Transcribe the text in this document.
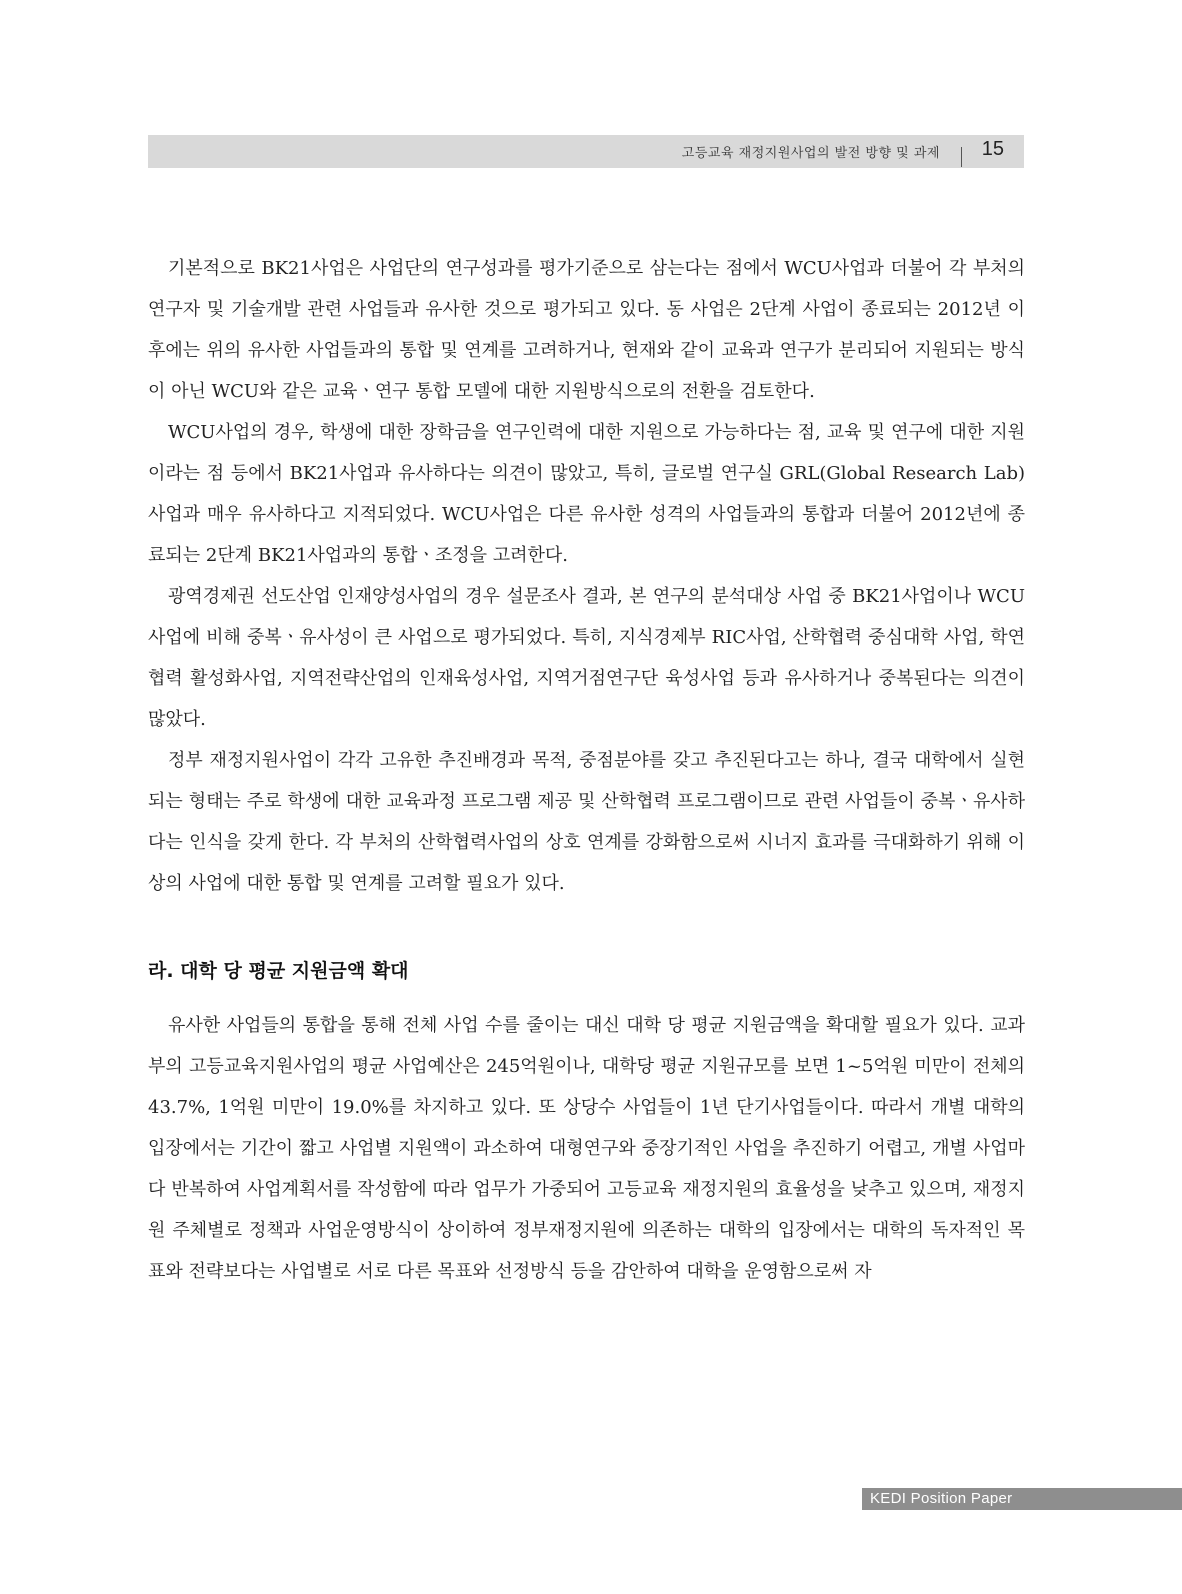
고등교육 재정지원사업의 발전 방향 및 과제 15

기본적으로 BK21사업은 사업단의 연구성과를 평가기준으로 삼는다는 점에서 WCU사업과 더불어 각 부처의 연구자 및 기술개발 관련 사업들과 유사한 것으로 평가되고 있다. 동 사업은 2단계 사업이 종료되는 2012년 이후에는 위의 유사한 사업들과의 통합 및 연계를 고려하거나, 현재와 같이 교육과 연구가 분리되어 지원되는 방식이 아닌 WCU와 같은 교육ㆍ연구 통합 모델에 대한 지원방식으로의 전환을 검토한다.

WCU사업의 경우, 학생에 대한 장학금을 연구인력에 대한 지원으로 가능하다는 점, 교육 및 연구에 대한 지원이라는 점 등에서 BK21사업과 유사하다는 의견이 많았고, 특히, 글로벌 연구실 GRL(Global Research Lab) 사업과 매우 유사하다고 지적되었다. WCU사업은 다른 유사한 성격의 사업들과의 통합과 더불어 2012년에 종료되는 2단계 BK21사업과의 통합ㆍ조정을 고려한다.

광역경제권 선도산업 인재양성사업의 경우 설문조사 결과, 본 연구의 분석대상 사업 중 BK21사업이나 WCU사업에 비해 중복ㆍ유사성이 큰 사업으로 평가되었다. 특히, 지식경제부 RIC사업, 산학협력 중심대학 사업, 학연협력 활성화사업, 지역전략산업의 인재육성사업, 지역거점연구단 육성사업 등과 유사하거나 중복된다는 의견이 많았다.

정부 재정지원사업이 각각 고유한 추진배경과 목적, 중점분야를 갖고 추진된다고는 하나, 결국 대학에서 실현되는 형태는 주로 학생에 대한 교육과정 프로그램 제공 및 산학협력 프로그램이므로 관련 사업들이 중복ㆍ유사하다는 인식을 갖게 한다. 각 부처의 산학협력사업의 상호 연계를 강화함으로써 시너지 효과를 극대화하기 위해 이상의 사업에 대한 통합 및 연계를 고려할 필요가 있다.

라. 대학 당 평균 지원금액 확대

유사한 사업들의 통합을 통해 전체 사업 수를 줄이는 대신 대학 당 평균 지원금액을 확대할 필요가 있다. 교과부의 고등교육지원사업의 평균 사업예산은 245억원이나, 대학당 평균 지원규모를 보면 1~5억원 미만이 전체의 43.7%, 1억원 미만이 19.0%를 차지하고 있다. 또 상당수 사업들이 1년 단기사업들이다. 따라서 개별 대학의 입장에서는 기간이 짧고 사업별 지원액이 과소하여 대형연구와 중장기적인 사업을 추진하기 어렵고, 개별 사업마다 반복하여 사업계획서를 작성함에 따라 업무가 가중되어 고등교육 재정지원의 효율성을 낮추고 있으며, 재정지원 주체별로 정책과 사업운영방식이 상이하여 정부재정지원에 의존하는 대학의 입장에서는 대학의 독자적인 목표와 전략보다는 사업별로 서로 다른 목표와 선정방식 등을 감안하여 대학을 운영함으로써 자

KEDI Position Paper
